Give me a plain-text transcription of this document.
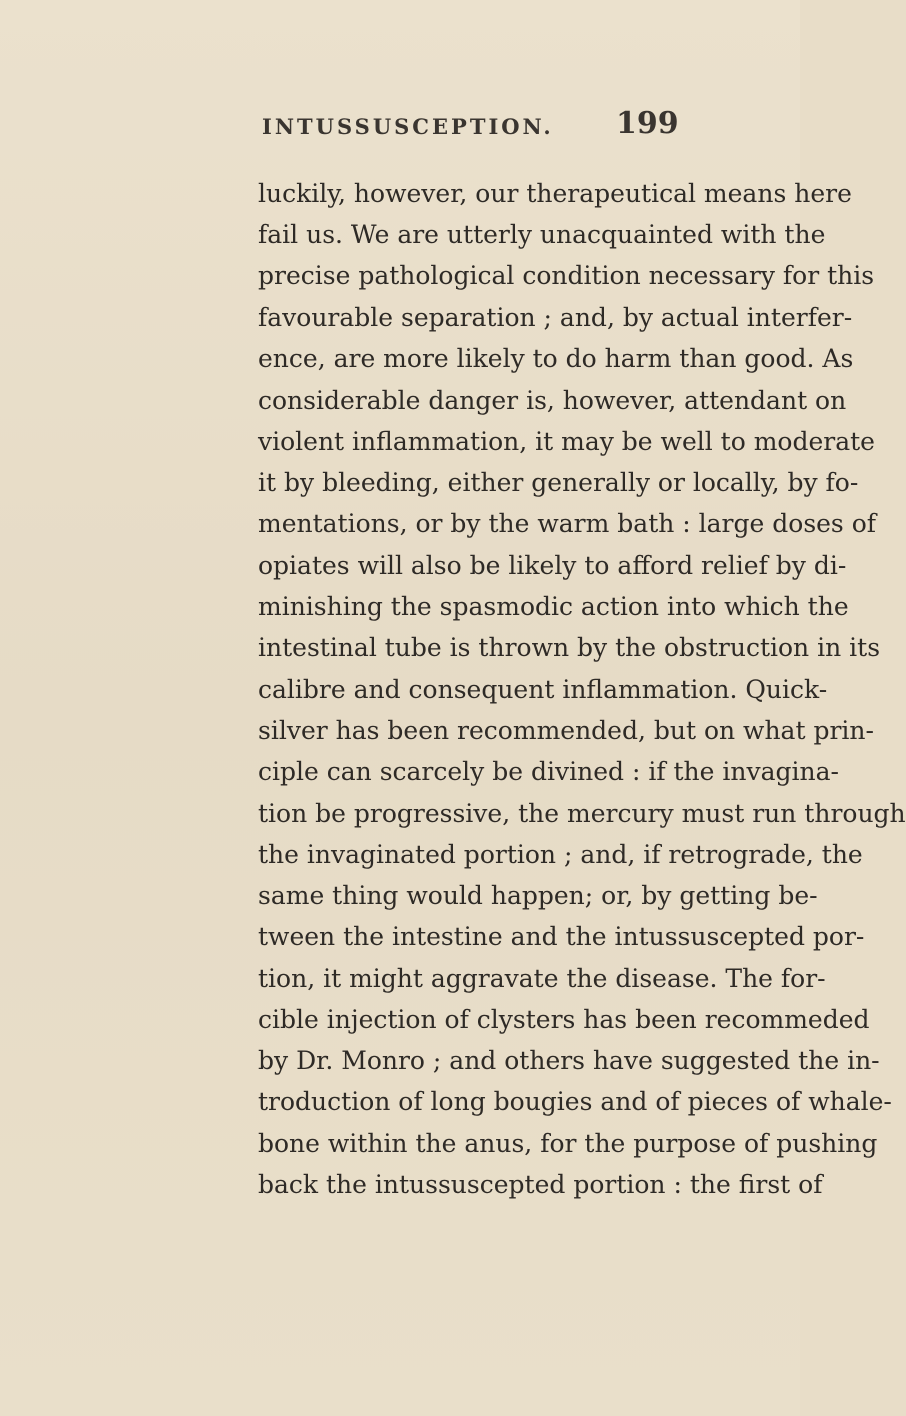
INTUSSUSCEPTION. 199
luckily, however, our therapeutical means here
fail us. We are utterly unacquainted with the
precise pathological condition necessary for this
favourable separation ; and, by actual interfer-
ence, are more likely to do harm than good. As
considerable danger is, however, attendant on
violent inflammation, it may be well to moderate
it by bleeding, either generally or locally, by fo-
mentations, or by the warm bath : large doses of
opiates will also be likely to afford relief by di-
minishing the spasmodic action into which the
intestinal tube is thrown by the obstruction in its
calibre and consequent inflammation. Quick-
silver has been recommended, but on what prin-
ciple can scarcely be divined : if the invagina-
tion be progressive, the mercury must run through
the invaginated portion ; and, if retrograde, the
same thing would happen; or, by getting be-
tween the intestine and the intussuscepted por-
tion, it might aggravate the disease. The for-
cible injection of clysters has been recommeded
by Dr. Monro ; and others have suggested the in-
troduction of long bougies and of pieces of whale-
bone within the anus, for the purpose of pushing
back the intussuscepted portion : the first of
